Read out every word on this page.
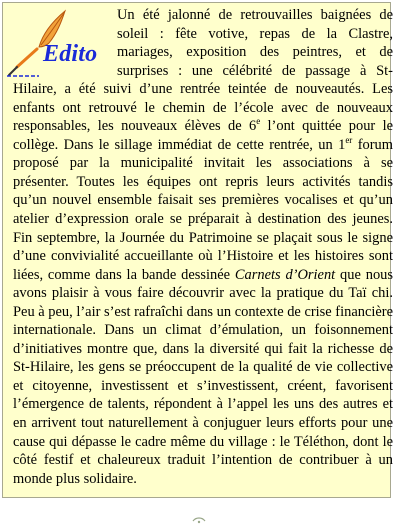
Edito

Un été jalonné de retrouvailles baignées de soleil : fête votive, repas de la Clastre, mariages, exposition des peintres, et de surprises : une célébrité de passage à St-Hilaire, a été suivi d’une rentrée teintée de nouveautés. Les enfants ont retrouvé le chemin de l’école avec de nouveaux responsables, les nouveaux élèves de 6e l’ont quittée pour le collège. Dans le sillage immédiat de cette rentrée, un 1er forum proposé par la municipalité invitait les associations à se présenter. Toutes les équipes ont repris leurs activités tandis qu’un nouvel ensemble faisait ses premières vocalises et qu’un atelier d’expression orale se préparait à destination des jeunes. Fin septembre, la Journée du Patrimoine se plaçait sous le signe d’une convivialité accueillante où l’Histoire et les histoires sont liées, comme dans la bande dessinée Carnets d’Orient que nous avons plaisir à vous faire découvrir avec la pratique du Taï chi. Peu à peu, l’air s’est rafraîchi dans un contexte de crise financière internationale. Dans un climat d’émulation, un foisonnement d’initiatives montre que, dans la diversité qui fait la richesse de St-Hilaire, les gens se préoccupent de la qualité de vie collective et citoyenne, investissent et s’investissent, créent, favorisent l’émergence de talents, répondent à l’appel les uns des autres et en arrivent tout naturellement à conjuguer leurs efforts pour une cause qui dépasse le cadre même du village : le Téléthon, dont le côté festif et chaleureux traduit l’intention de contribuer à un monde plus solidaire.
